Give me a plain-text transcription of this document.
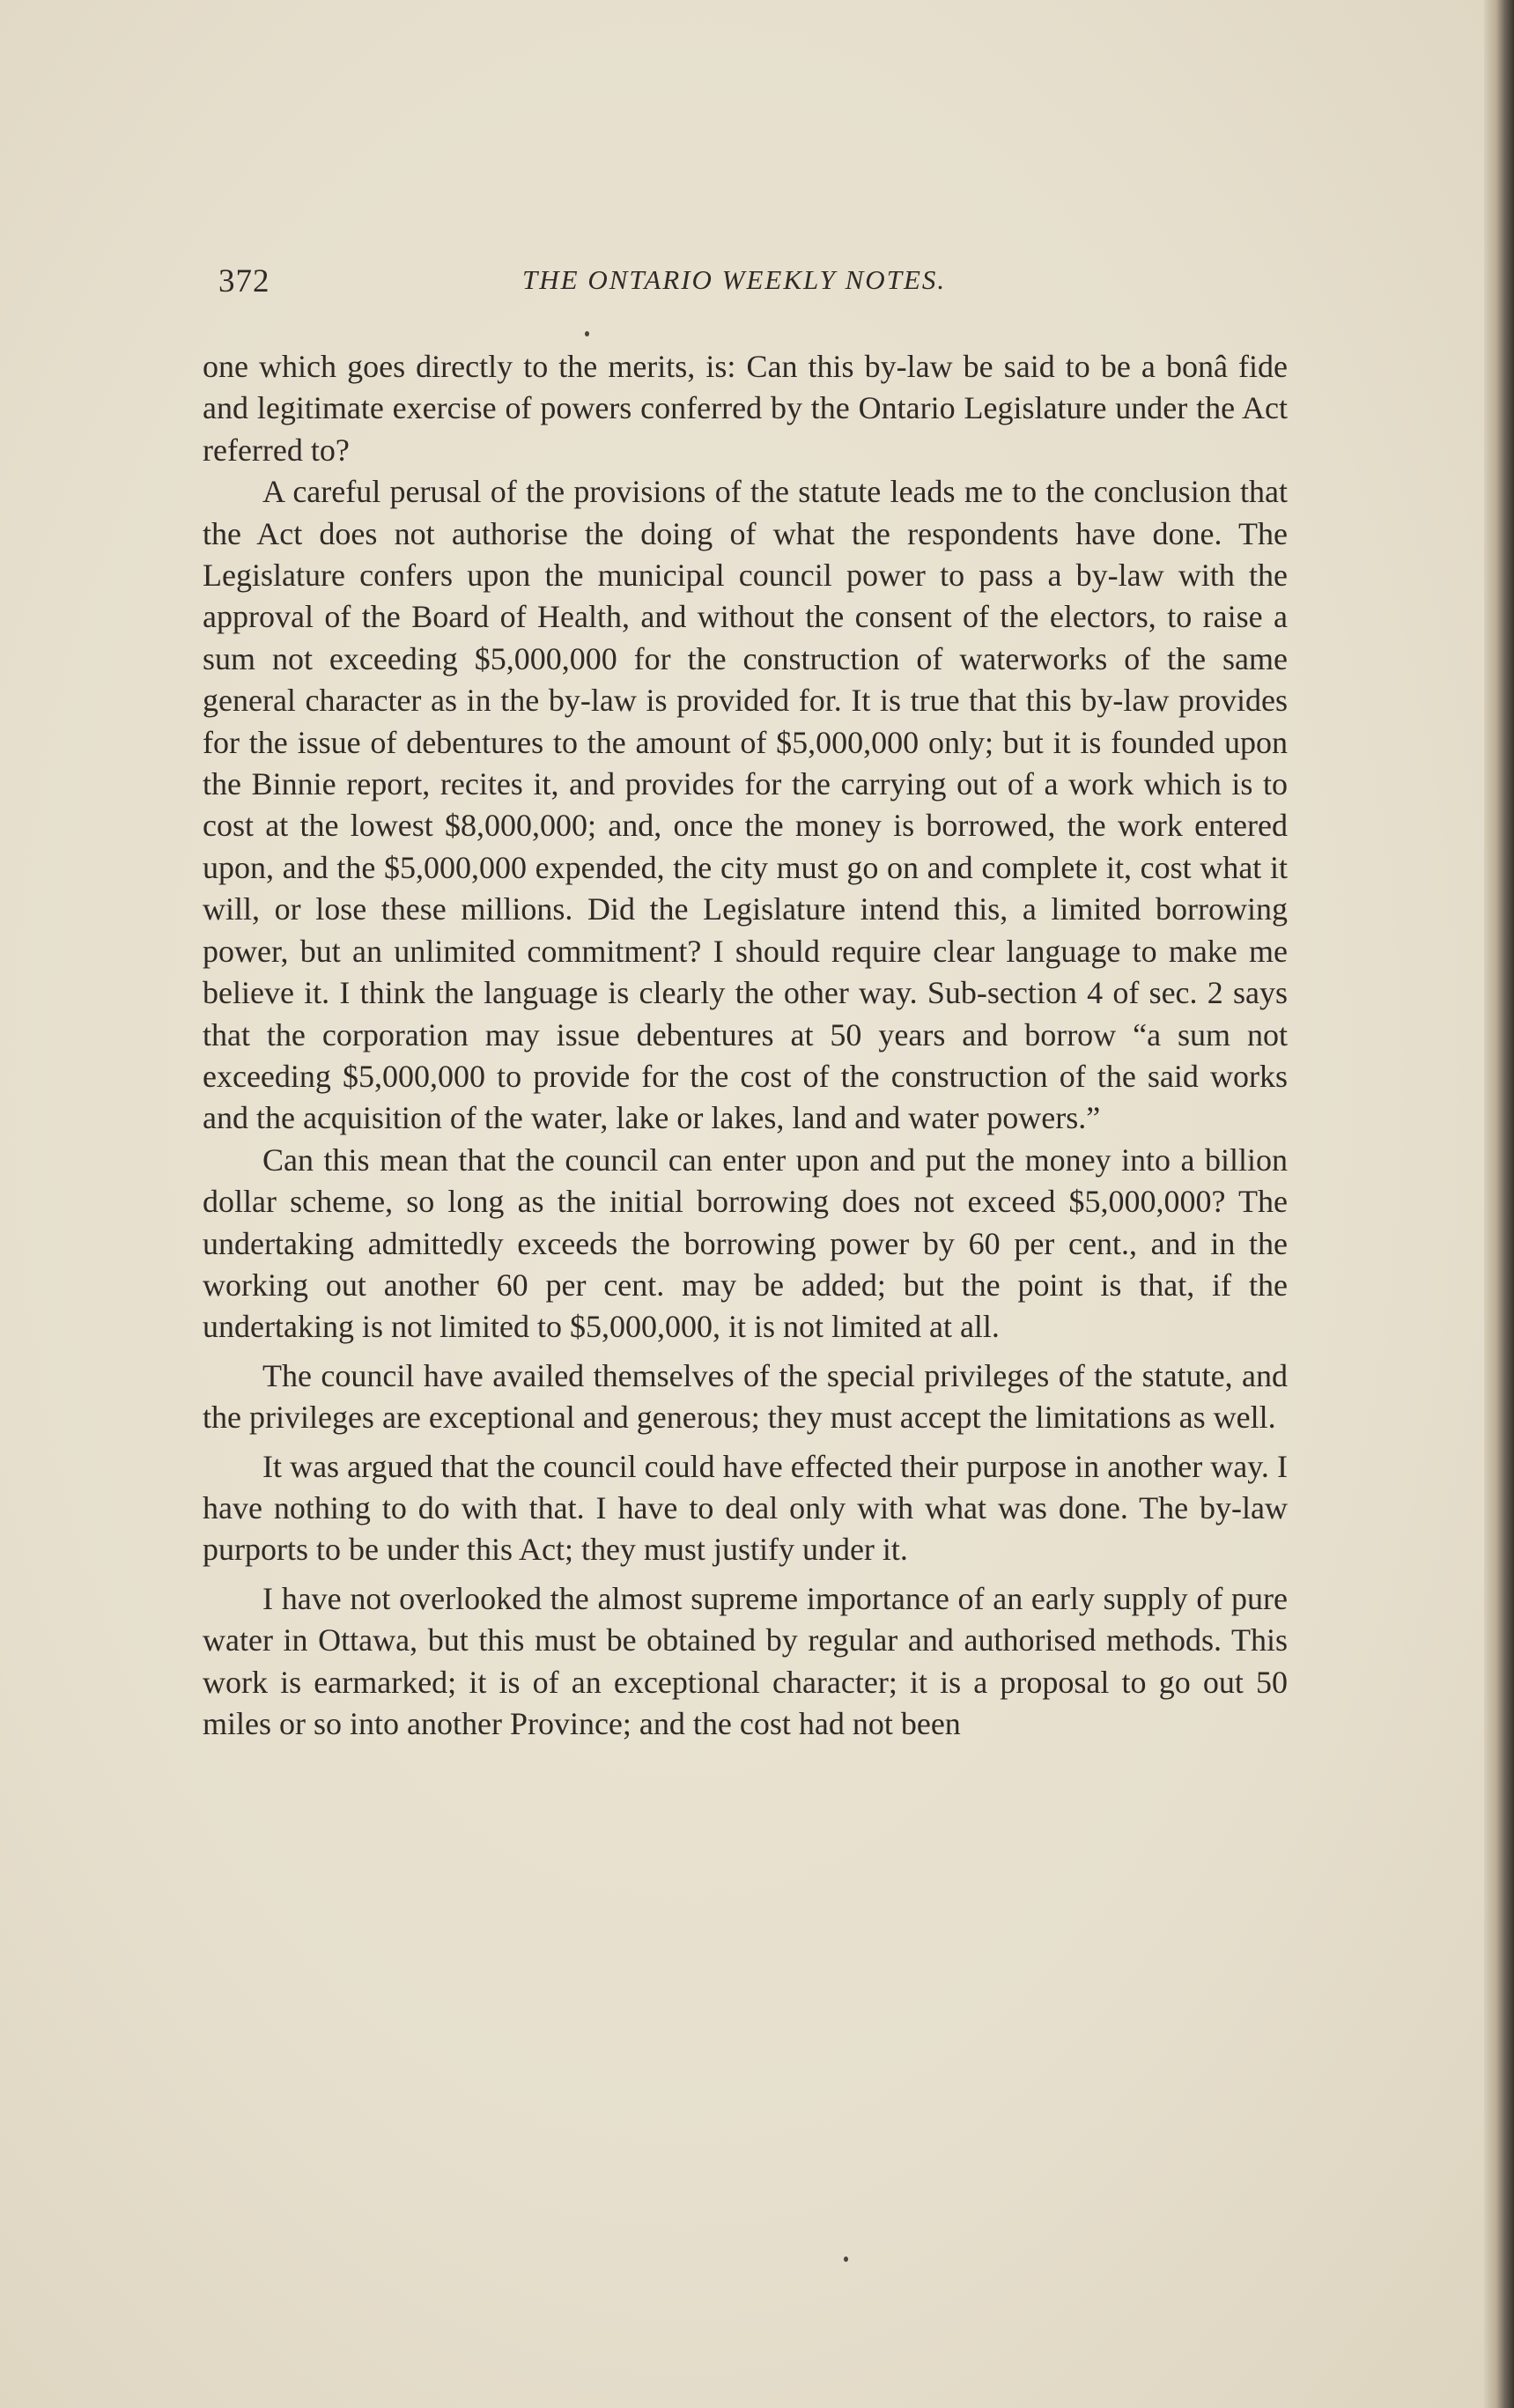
372	THE ONTARIO WEEKLY NOTES.

one which goes directly to the merits, is: Can this by-law be said to be a bonâ fide and legitimate exercise of powers conferred by the Ontario Legislature under the Act referred to?

A careful perusal of the provisions of the statute leads me to the conclusion that the Act does not authorise the doing of what the respondents have done. The Legislature confers upon the municipal council power to pass a by-law with the approval of the Board of Health, and without the consent of the electors, to raise a sum not exceeding $5,000,000 for the construction of waterworks of the same general character as in the by-law is provided for. It is true that this by-law provides for the issue of debentures to the amount of $5,000,000 only; but it is founded upon the Binnie report, recites it, and provides for the carrying out of a work which is to cost at the lowest $8,000,000; and, once the money is borrowed, the work entered upon, and the $5,000,000 expended, the city must go on and complete it, cost what it will, or lose these millions. Did the Legislature intend this, a limited borrowing power, but an unlimited commitment? I should require clear language to make me believe it. I think the language is clearly the other way. Sub-section 4 of sec. 2 says that the corporation may issue debentures at 50 years and borrow “a sum not exceeding $5,000,000 to provide for the cost of the construction of the said works and the acquisition of the water, lake or lakes, land and water powers.”

Can this mean that the council can enter upon and put the money into a billion dollar scheme, so long as the initial borrowing does not exceed $5,000,000? The undertaking admittedly exceeds the borrowing power by 60 per cent., and in the working out another 60 per cent. may be added; but the point is that, if the undertaking is not limited to $5,000,000, it is not limited at all.

The council have availed themselves of the special privileges of the statute, and the privileges are exceptional and generous; they must accept the limitations as well.

It was argued that the council could have effected their purpose in another way. I have nothing to do with that. I have to deal only with what was done. The by-law purports to be under this Act; they must justify under it.

I have not overlooked the almost supreme importance of an early supply of pure water in Ottawa, but this must be obtained by regular and authorised methods. This work is earmarked; it is of an exceptional character; it is a proposal to go out 50 miles or so into another Province; and the cost had not been
